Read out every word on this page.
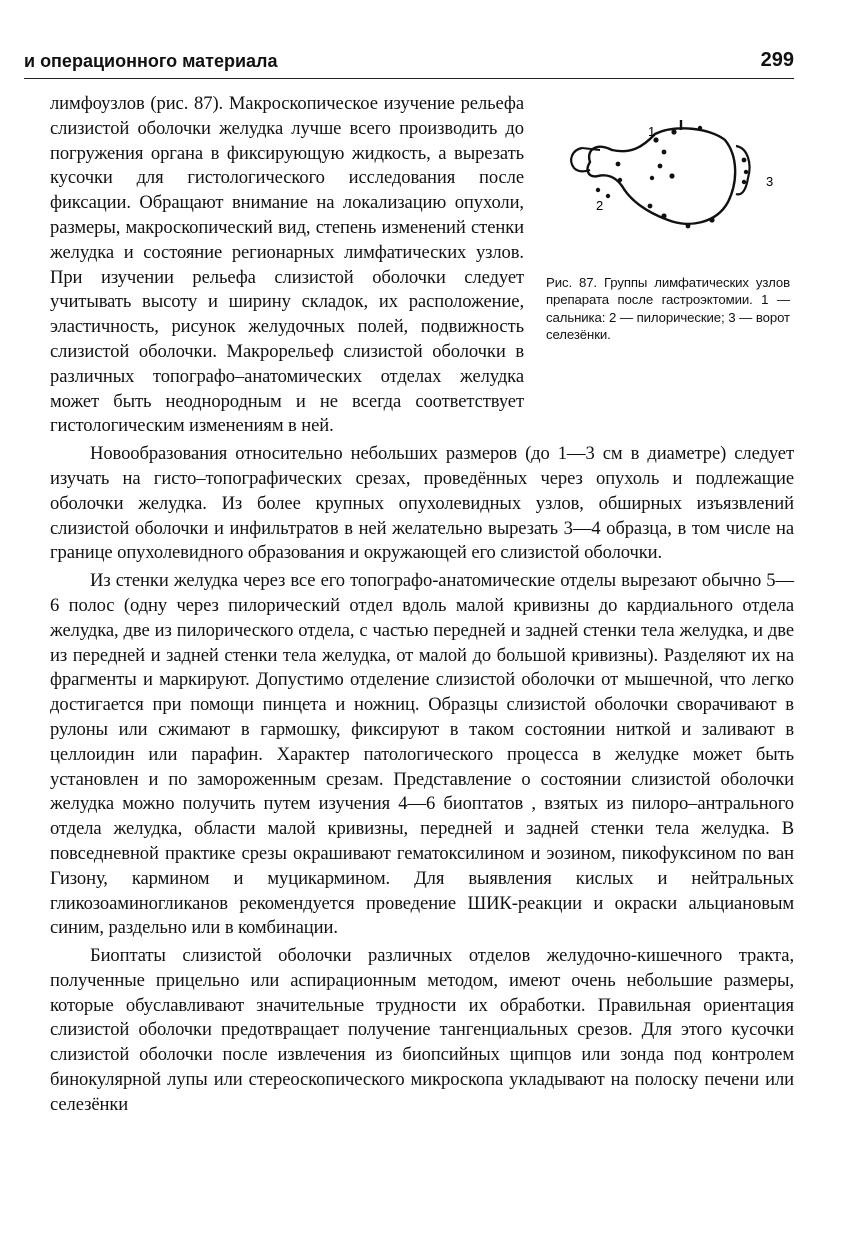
и операционного материала	299
1
2
3
Рис. 87. Группы лимфатических узлов препарата после гастроэктомии. 1 — сальника: 2 — пилорические; 3 — ворот селезёнки.

лимфоузлов (рис. 87). Макроскопическое изучение рельефа слизистой оболочки желудка лучше всего производить до погружения органа в фиксирующую жидкость, а вырезать кусочки для гистологического исследования после фиксации. Обращают внимание на локализацию опухоли, размеры, макроскопический вид, степень изменений стенки желудка и состояние регионарных лимфатических узлов. При изучении рельефа слизистой оболочки следует учитывать высоту и ширину складок, их расположение, эластичность, рисунок желудочных полей, подвижность слизистой оболочки. Макрорельеф слизистой оболочки в различных топографо–анатомических отделах желудка может быть неоднородным и не всегда соответствует гистологическим изменениям в ней.

Новообразования относительно небольших размеров (до 1—3 см в диаметре) следует изучать на гисто–топографических срезах, проведённых через опухоль и подлежащие оболочки желудка. Из более крупных опухолевидных узлов, обширных изъязвлений слизистой оболочки и инфильтратов в ней желательно вырезать 3—4 образца, в том числе на границе опухолевидного образования и окружающей его слизистой оболочки.

Из стенки желудка через все его топографо-анатомические отделы вырезают обычно 5—6 полос (одну через пилорический отдел вдоль малой кривизны до кардиального отдела желудка, две из пилорического отдела, с частью передней и задней стенки тела желудка, и две из передней и задней стенки тела желудка, от малой до большой кривизны). Разделяют их на фрагменты и маркируют. Допустимо отделение слизистой оболочки от мышечной, что легко достигается при помощи пинцета и ножниц. Образцы слизистой оболочки сворачивают в рулоны или сжимают в гармошку, фиксируют в таком состоянии ниткой и заливают в целлоидин или парафин. Характер патологического процесса в желудке может быть установлен и по замороженным срезам. Представление о состоянии слизистой оболочки желудка можно получить путем изучения 4—6 биоптатов , взятых из пилоро–антрального отдела желудка, области малой кривизны, передней и задней стенки тела желудка. В повседневной практике срезы окрашивают гематоксилином и эозином, пикофуксином по ван Гизону, кармином и муцикармином. Для выявления кислых и нейтральных гликозоаминогликанов рекомендуется проведение ШИК-реакции и окраски альциановым синим, раздельно или в комбинации.

Биоптаты слизистой оболочки различных отделов желудочно-кишечного тракта, полученные прицельно или аспирационным методом, имеют очень небольшие размеры, которые обуславливают значительные трудности их обработки. Правильная ориентация слизистой оболочки предотвращает получение тангенциальных срезов. Для этого кусочки слизистой оболочки после извлечения из биопсийных щипцов или зонда под контролем бинокулярной лупы или стереоскопического микроскопа укладывают на полоску печени или селезёнки
